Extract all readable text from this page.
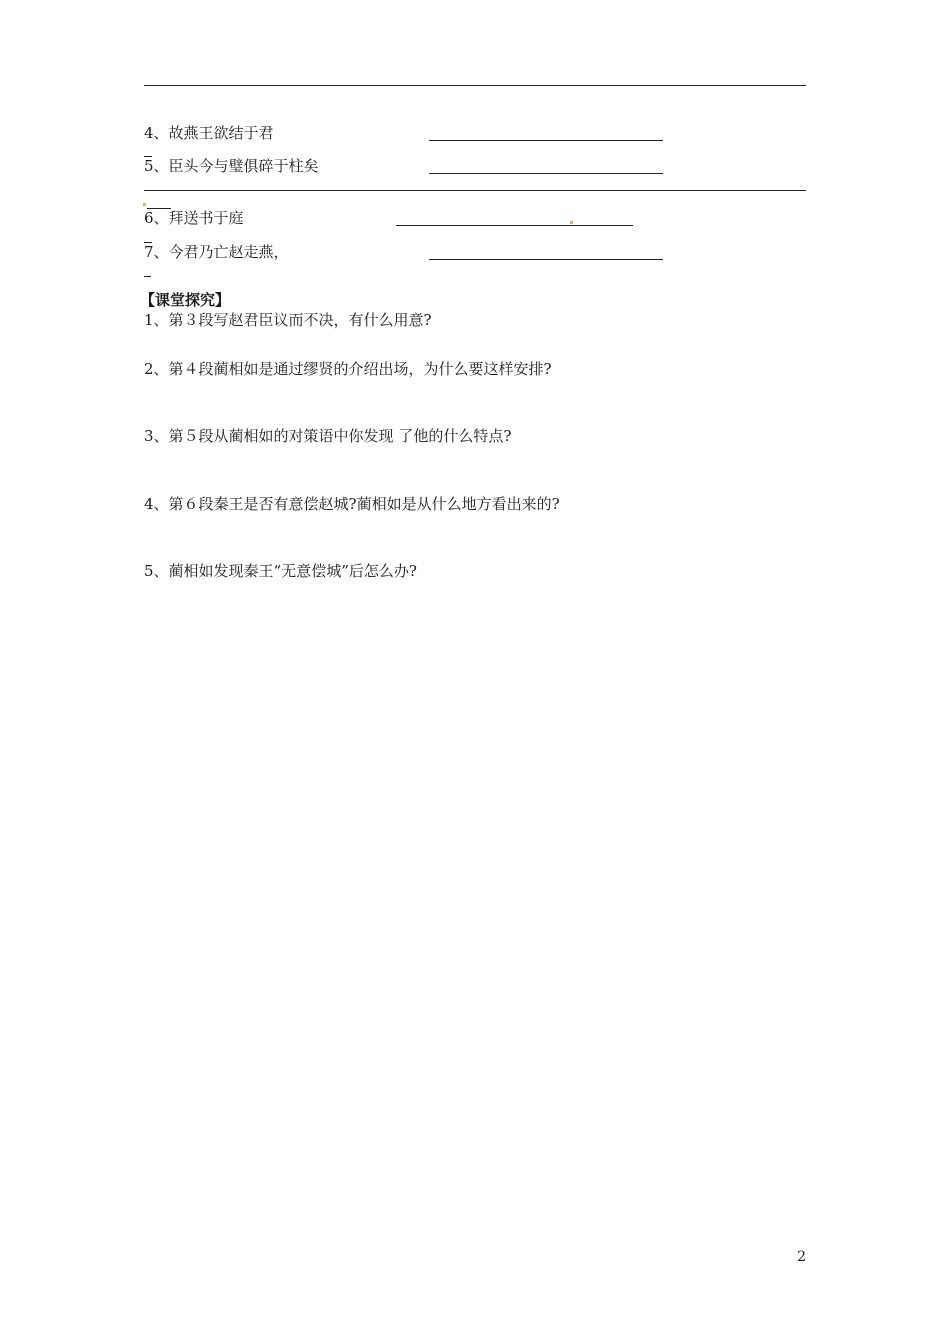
4、故燕王欲结于君
5、臣头今与璧俱碎于柱矣
6、拜送书于庭
7、今君乃亡赵走燕，
【课堂探究】
1、第３段写赵君臣议而不决，有什么用意?
2、第４段蔺相如是通过缪贤的介绍出场，为什么要这样安排?
3、第５段从蔺相如的对策语中你发现 了他的什么特点?
4、第６段秦王是否有意偿赵城?蔺相如是从什么地方看出来的?
5、蔺相如发现秦王“无意偿城”后怎么办?
2
